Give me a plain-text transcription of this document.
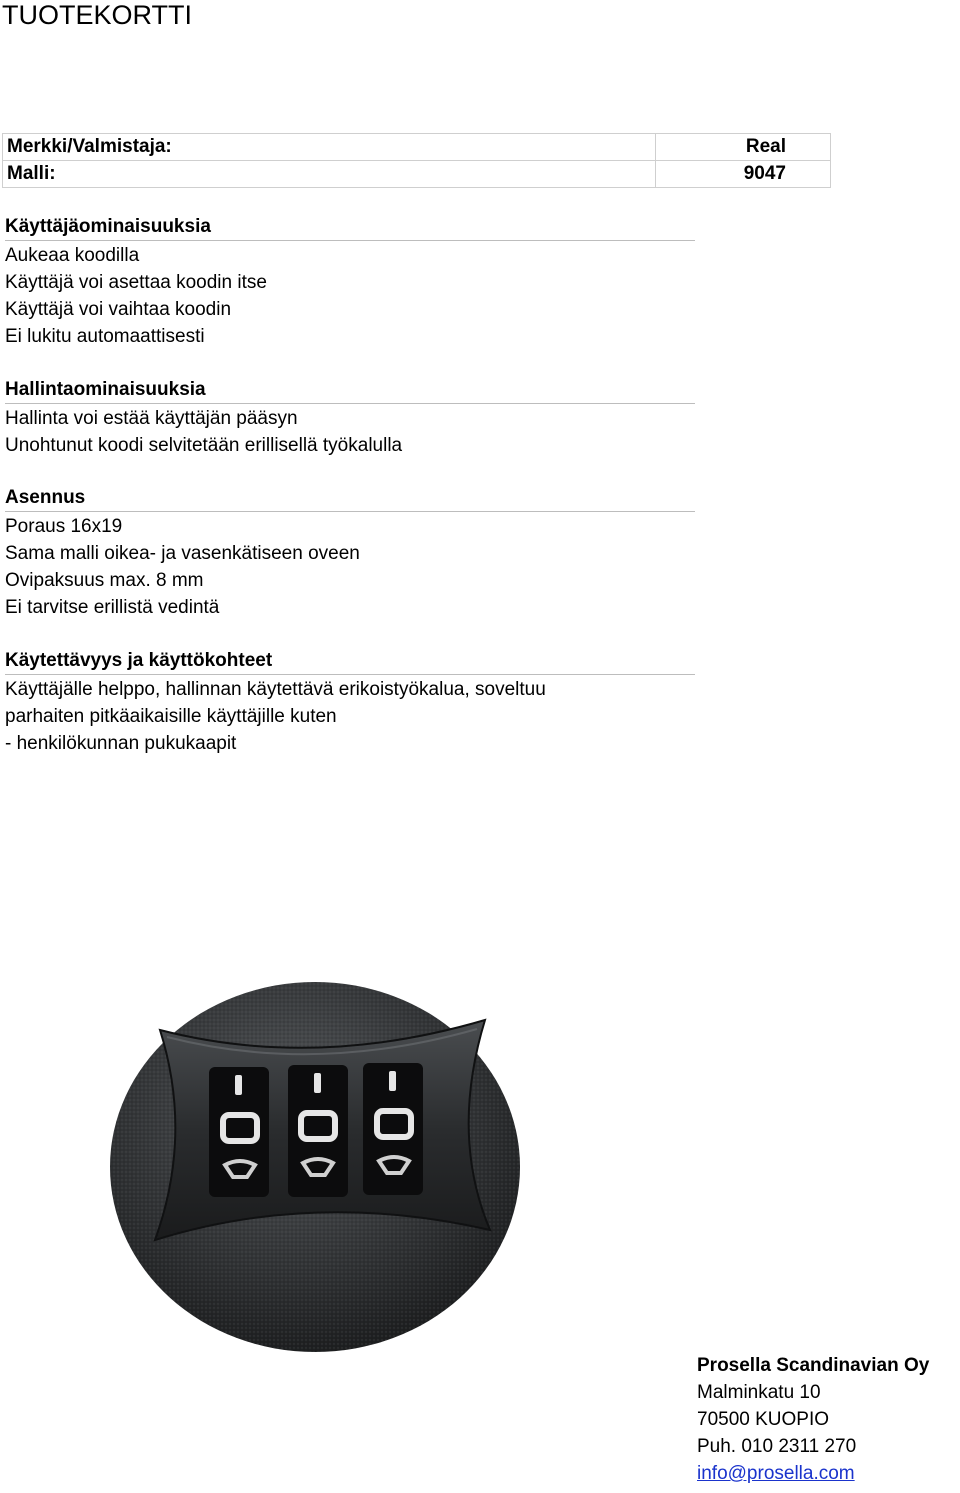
TUOTEKORTTI
Merkki/Valmistaja:	Real
Malli:	9047
Käyttäjäominaisuuksia
Aukeaa koodilla
Käyttäjä voi asettaa koodin itse
Käyttäjä voi vaihtaa koodin
Ei lukitu automaattisesti
Hallintaominaisuuksia
Hallinta voi estää käyttäjän pääsyn
Unohtunut koodi selvitetään erillisellä työkalulla
Asennus
Poraus 16x19
Sama malli oikea- ja vasenkätiseen oveen
Ovipaksuus max. 8 mm
Ei tarvitse erillistä vedintä
Käytettävyys ja käyttökohteet
Käyttäjälle helppo, hallinnan käytettävä erikoistyökalua, soveltuu
parhaiten pitkäaikaisille käyttäjille kuten
- henkilökunnan pukukaapit
Prosella Scandinavian Oy
Malminkatu 10
70500 KUOPIO
Puh. 010 2311 270
info@prosella.com
